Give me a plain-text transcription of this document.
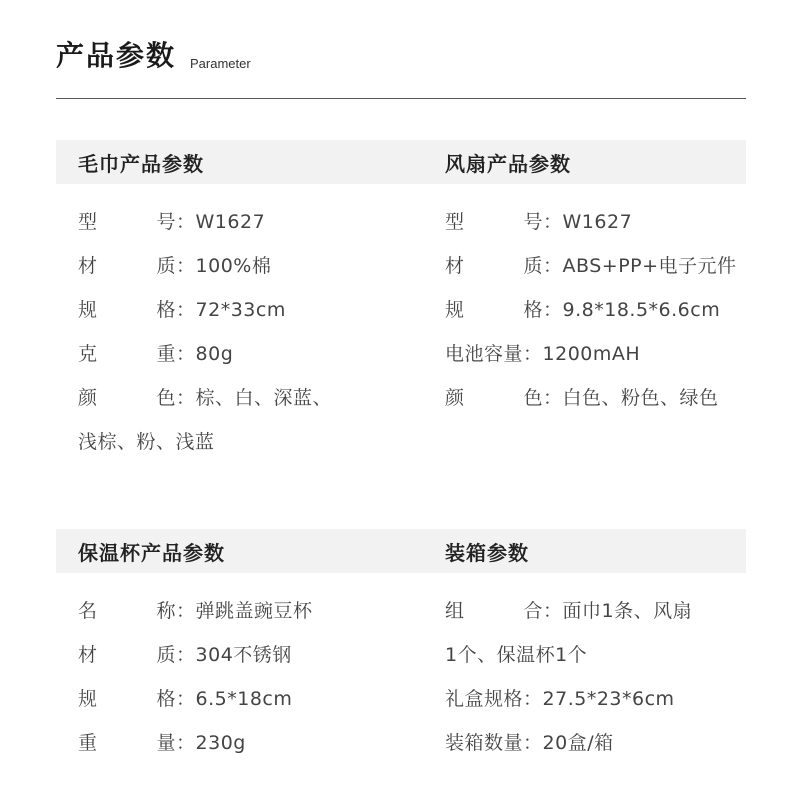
产品参数 Parameter
毛巾产品参数
型	号 ：W1627
材	质 ：100%棉
规	格 ：72*33cm
克	重 ：80g
颜	色 ：棕、白、深蓝、
浅棕、粉、浅蓝
风扇产品参数
型	号 ：W1627
材	质 ：ABS+PP+电子元件
规	格 ：9.8*18.5*6.6cm
电池容量：1200mAH
颜	色 ：白色、粉色、绿色
保温杯产品参数
名	称 ：弹跳盖豌豆杯
材	质 ：304不锈钢
规	格 ：6.5*18cm
重	量 ：230g
装箱参数
组	合 ：面巾1条、风扇
1个、保温杯1个
礼盒规格：27.5*23*6cm
装箱数量：20盒/箱
